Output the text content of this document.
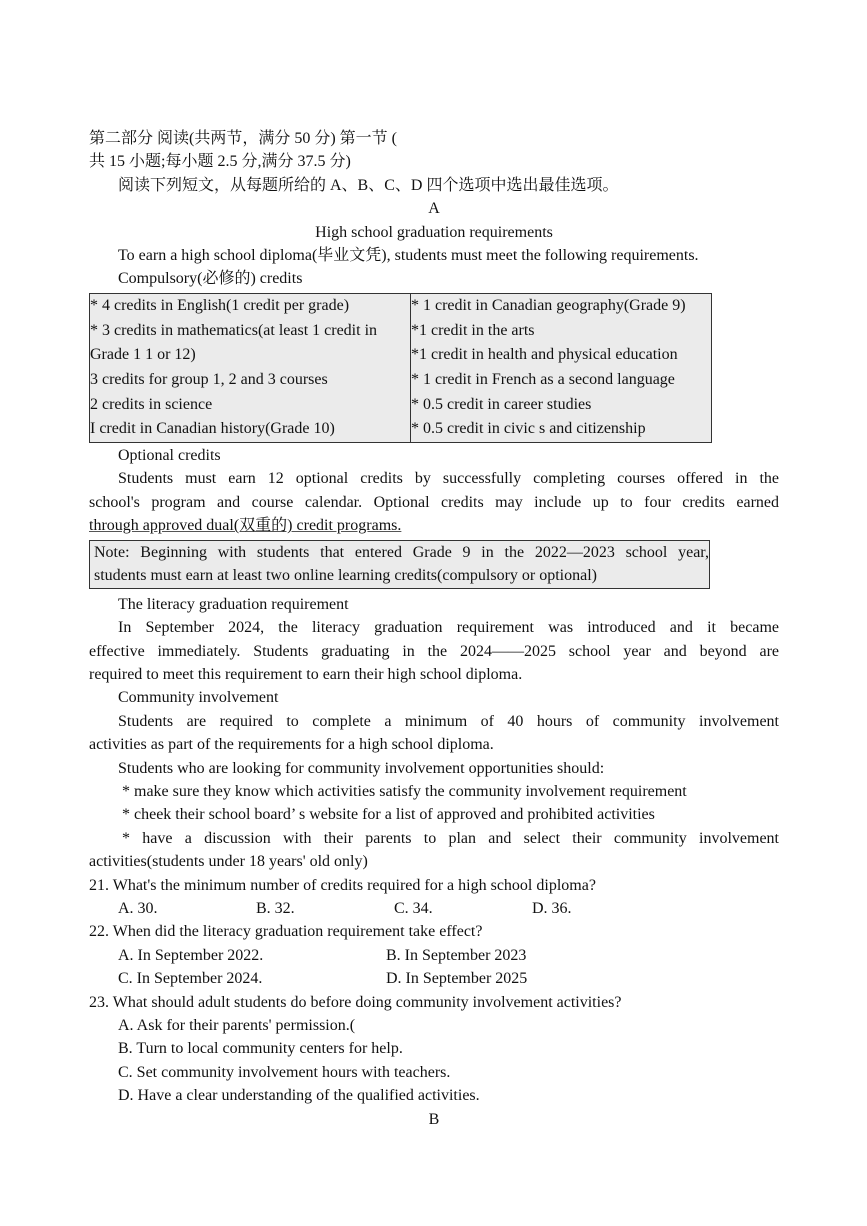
第二部分 阅读(共两节，满分 50 分) 第一节 (
共 15 小题;每小题 2.5 分,满分 37.5 分)
阅读下列短文，从每题所给的 A、B、C、D 四个选项中选出最佳选项。
A
High school graduation requirements
To earn a high school diploma(毕业文凭), students must meet the following requirements.
Compulsory(必修的) credits
* 4 credits in English(1 credit per grade)	* 1 credit in Canadian geography(Grade 9)
* 3 credits in mathematics(at least 1 credit in	*1 credit in the arts
Grade 1 1 or 12)	*1 credit in health and physical education
3 credits for group 1, 2 and 3 courses	* 1 credit in French as a second language
2 credits in science	* 0.5 credit in career studies
I credit in Canadian history(Grade 10)	* 0.5 credit in civic s and citizenship
Optional credits
Students must earn 12 optional credits by successfully completing courses offered in the
school's program and course calendar. Optional credits may include up to four credits earned
through approved dual(双重的) credit programs.
Note: Beginning with students that entered Grade 9 in the 2022—2023 school year,
students must earn at least two online learning credits(compulsory or optional)
The literacy graduation requirement
In September 2024, the literacy graduation requirement was introduced and it became
effective immediately. Students graduating in the 2024——2025 school year and beyond are
required to meet this requirement to earn their high school diploma.
Community involvement
Students are required to complete a minimum of 40 hours of community involvement
activities as part of the requirements for a high school diploma.
Students who are looking for community involvement opportunities should:
* make sure they know which activities satisfy the community involvement requirement
* cheek their school board’ s website for a list of approved and prohibited activities
* have a discussion with their parents to plan and select their community involvement
activities(students under 18 years' old only)
21. What's the minimum number of credits required for a high school diploma?
A. 30.	B. 32.	C. 34.	D. 36.
22. When did the literacy graduation requirement take effect?
A. In September 2022.	B. In September 2023
C. In September 2024.	D. In September 2025
23. What should adult students do before doing community involvement activities?
A. Ask for their parents' permission.(
B. Turn to local community centers for help.
C. Set community involvement hours with teachers.
D. Have a clear understanding of the qualified activities.
B
